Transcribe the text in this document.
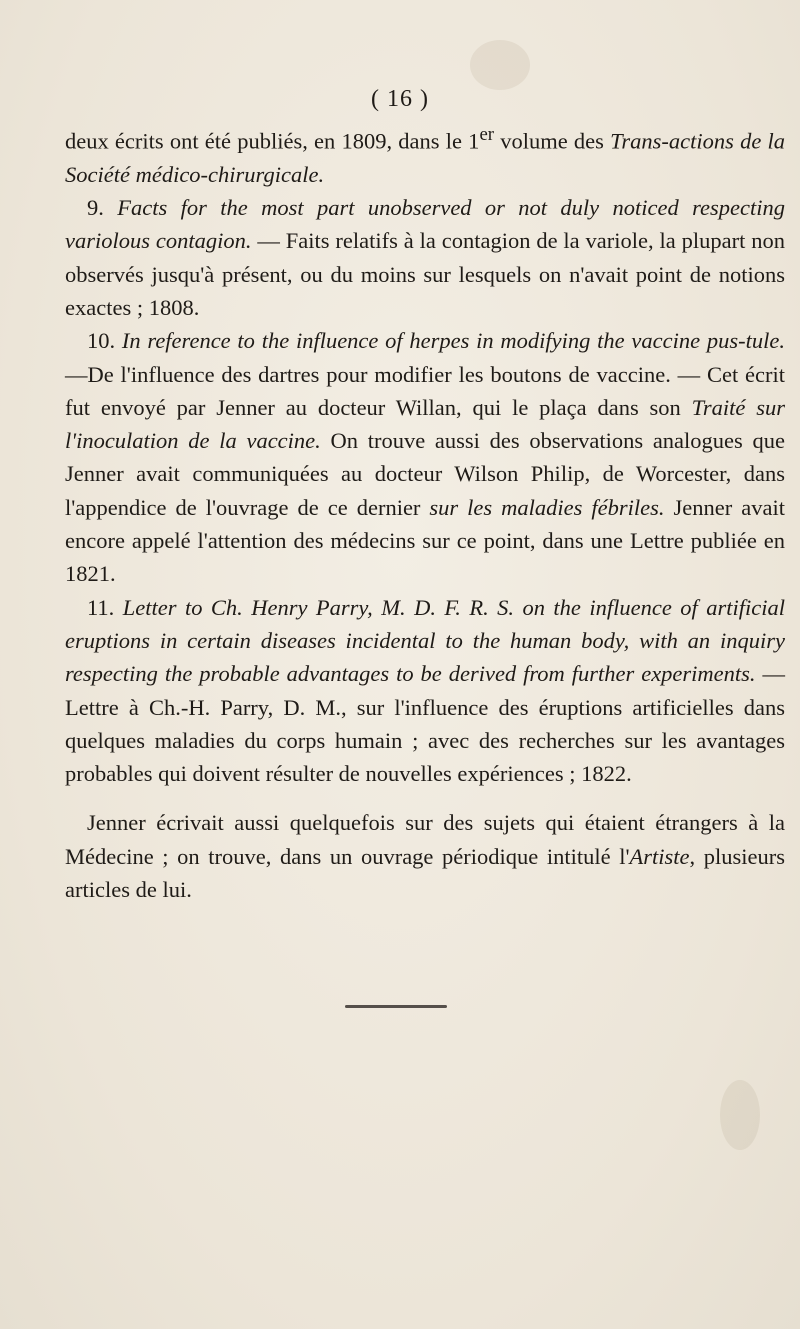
( 16 )

deux écrits ont été publiés, en 1809, dans le 1er volume des Trans-actions de la Société médico-chirurgicale.

9. Facts for the most part unobserved or not duly noticed respecting variolous contagion. — Faits relatifs à la contagion de la variole, la plupart non observés jusqu'à présent, ou du moins sur lesquels on n'avait point de notions exactes ; 1808.

10. In reference to the influence of herpes in modifying the vaccine pus-tule.—De l'influence des dartres pour modifier les boutons de vaccine. — Cet écrit fut envoyé par Jenner au docteur Willan, qui le plaça dans son Traité sur l'inoculation de la vaccine. On trouve aussi des observations analogues que Jenner avait communiquées au docteur Wilson Philip, de Worcester, dans l'appendice de l'ouvrage de ce dernier sur les maladies fébriles. Jenner avait encore appelé l'attention des médecins sur ce point, dans une Lettre publiée en 1821.

11. Letter to Ch. Henry Parry, M. D. F. R. S. on the influence of artificial eruptions in certain diseases incidental to the human body, with an inquiry respecting the probable advantages to be derived from further experiments. — Lettre à Ch.-H. Parry, D. M., sur l'influence des éruptions artificielles dans quelques maladies du corps humain ; avec des recherches sur les avantages probables qui doivent résulter de nouvelles expériences ; 1822.

Jenner écrivait aussi quelquefois sur des sujets qui étaient étrangers à la Médecine ; on trouve, dans un ouvrage périodique intitulé l'Artiste, plusieurs articles de lui.
